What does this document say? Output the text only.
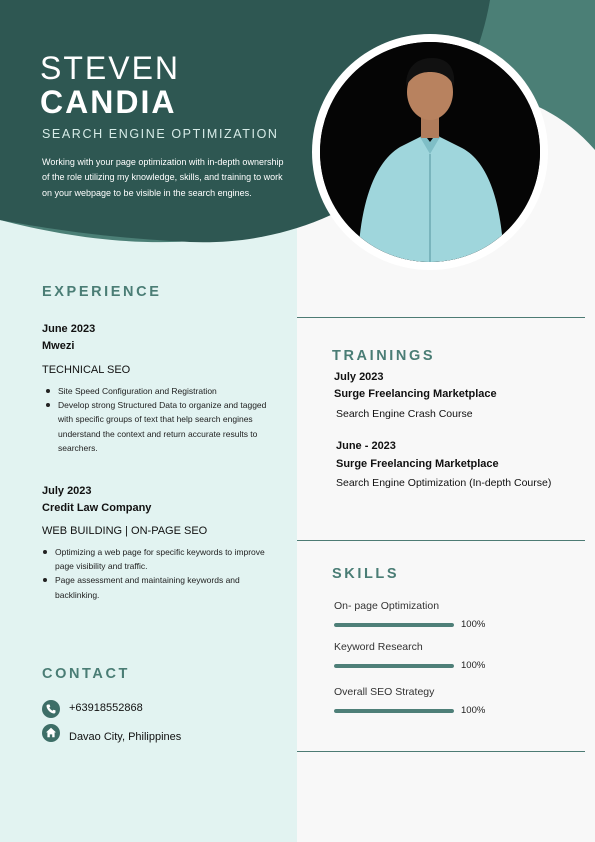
STEVEN
CANDIA
SEARCH ENGINE OPTIMIZATION
Working with your page optimization with in-depth ownership of the role utilizing my knowledge, skills, and training to work on your webpage to be visible in the search engines.
EXPERIENCE
June 2023
Mwezi
TECHNICAL SEO
Site Speed Configuration and Registration
Develop strong Structured Data to organize and tagged with specific groups of text that help search engines understand the context and return accurate results to searchers.
July 2023
Credit Law Company
WEB BUILDING | ON-PAGE SEO
Optimizing a web page for specific keywords to improve page visibility and traffic.
Page assessment and maintaining keywords and backlinking.
CONTACT
+63918552868
Davao City, Philippines
TRAININGS
July 2023
Surge Freelancing Marketplace
Search Engine Crash Course
June - 2023
Surge Freelancing Marketplace
Search Engine Optimization (In-depth Course)
SKILLS
On- page Optimization
100%
Keyword Research
100%
Overall SEO Strategy
100%
